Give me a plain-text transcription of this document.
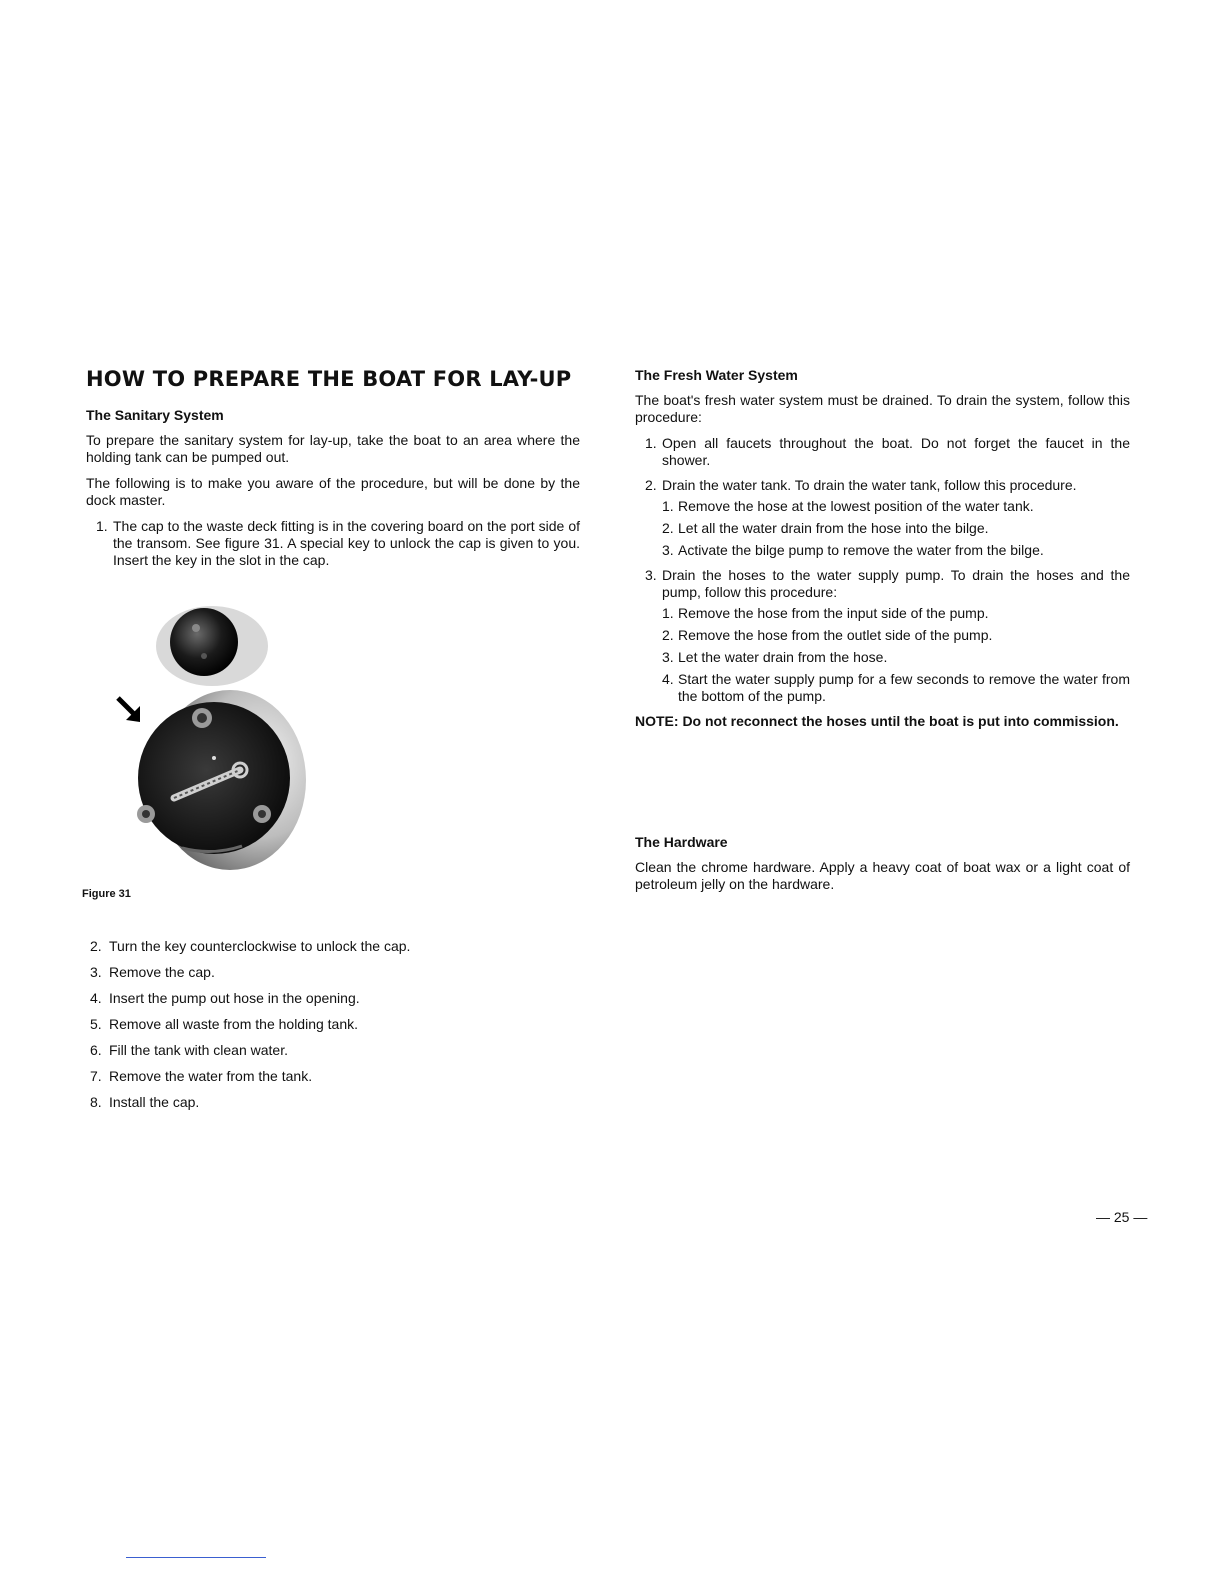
HOW TO PREPARE THE BOAT FOR LAY-UP
The Sanitary System

To prepare the sanitary system for lay-up, take the boat to an area where the holding tank can be pumped out.

The following is to make you aware of the procedure, but will be done by the dock master.

1. The cap to the waste deck fitting is in the covering board on the port side of the transom. See figure 31. A special key to unlock the cap is given to you. Insert the key in the slot in the cap.
Figure 31
2. Turn the key counterclockwise to unlock the cap.
3. Remove the cap.
4. Insert the pump out hose in the opening.
5. Remove all waste from the holding tank.
6. Fill the tank with clean water.
7. Remove the water from the tank.
8. Install the cap.
The Fresh Water System

The boat's fresh water system must be drained. To drain the system, follow this procedure:

1. Open all faucets throughout the boat. Do not forget the faucet in the shower.
2. Drain the water tank. To drain the water tank, follow this procedure.
1. Remove the hose at the lowest position of the water tank.
2. Let all the water drain from the hose into the bilge.
3. Activate the bilge pump to remove the water from the bilge.
3. Drain the hoses to the water supply pump. To drain the hoses and the pump, follow this procedure:
1. Remove the hose from the input side of the pump.
2. Remove the hose from the outlet side of the pump.
3. Let the water drain from the hose.
4. Start the water supply pump for a few seconds to remove the water from the bottom of the pump.

NOTE: Do not reconnect the hoses until the boat is put into commission.

The Hardware

Clean the chrome hardware. Apply a heavy coat of boat wax or a light coat of petroleum jelly on the hardware.

— 25 —
